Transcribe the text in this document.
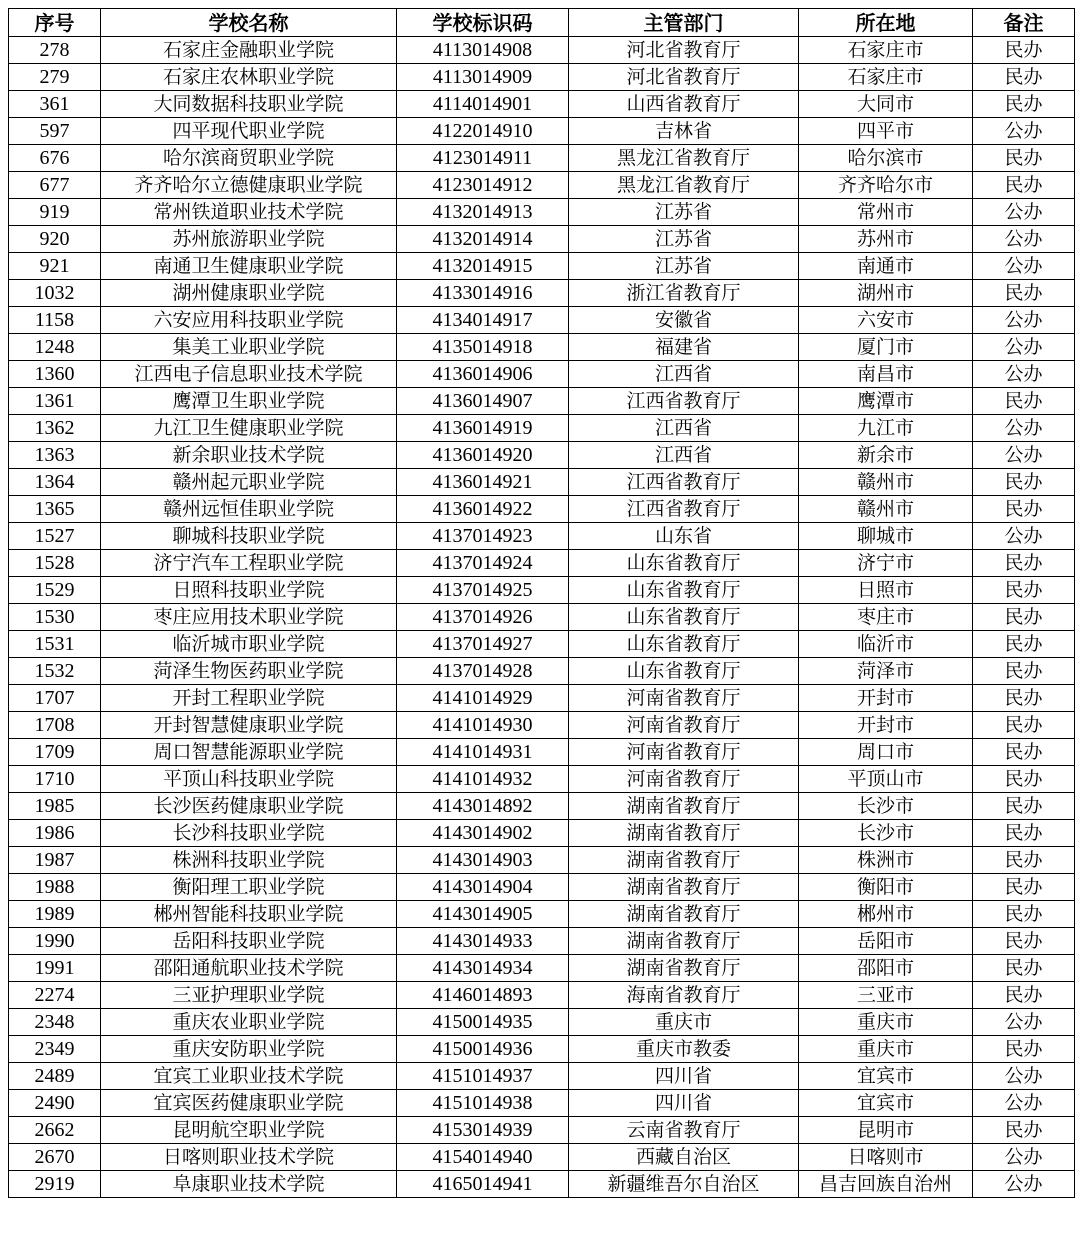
序号	学校名称	学校标识码	主管部门	所在地	备注
278	石家庄金融职业学院	4113014908	河北省教育厅	石家庄市	民办
279	石家庄农林职业学院	4113014909	河北省教育厅	石家庄市	民办
361	大同数据科技职业学院	4114014901	山西省教育厅	大同市	民办
597	四平现代职业学院	4122014910	吉林省	四平市	公办
676	哈尔滨商贸职业学院	4123014911	黑龙江省教育厅	哈尔滨市	民办
677	齐齐哈尔立德健康职业学院	4123014912	黑龙江省教育厅	齐齐哈尔市	民办
919	常州铁道职业技术学院	4132014913	江苏省	常州市	公办
920	苏州旅游职业学院	4132014914	江苏省	苏州市	公办
921	南通卫生健康职业学院	4132014915	江苏省	南通市	公办
1032	湖州健康职业学院	4133014916	浙江省教育厅	湖州市	民办
1158	六安应用科技职业学院	4134014917	安徽省	六安市	公办
1248	集美工业职业学院	4135014918	福建省	厦门市	公办
1360	江西电子信息职业技术学院	4136014906	江西省	南昌市	公办
1361	鹰潭卫生职业学院	4136014907	江西省教育厅	鹰潭市	民办
1362	九江卫生健康职业学院	4136014919	江西省	九江市	公办
1363	新余职业技术学院	4136014920	江西省	新余市	公办
1364	赣州起元职业学院	4136014921	江西省教育厅	赣州市	民办
1365	赣州远恒佳职业学院	4136014922	江西省教育厅	赣州市	民办
1527	聊城科技职业学院	4137014923	山东省	聊城市	公办
1528	济宁汽车工程职业学院	4137014924	山东省教育厅	济宁市	民办
1529	日照科技职业学院	4137014925	山东省教育厅	日照市	民办
1530	枣庄应用技术职业学院	4137014926	山东省教育厅	枣庄市	民办
1531	临沂城市职业学院	4137014927	山东省教育厅	临沂市	民办
1532	菏泽生物医药职业学院	4137014928	山东省教育厅	菏泽市	民办
1707	开封工程职业学院	4141014929	河南省教育厅	开封市	民办
1708	开封智慧健康职业学院	4141014930	河南省教育厅	开封市	民办
1709	周口智慧能源职业学院	4141014931	河南省教育厅	周口市	民办
1710	平顶山科技职业学院	4141014932	河南省教育厅	平顶山市	民办
1985	长沙医药健康职业学院	4143014892	湖南省教育厅	长沙市	民办
1986	长沙科技职业学院	4143014902	湖南省教育厅	长沙市	民办
1987	株洲科技职业学院	4143014903	湖南省教育厅	株洲市	民办
1988	衡阳理工职业学院	4143014904	湖南省教育厅	衡阳市	民办
1989	郴州智能科技职业学院	4143014905	湖南省教育厅	郴州市	民办
1990	岳阳科技职业学院	4143014933	湖南省教育厅	岳阳市	民办
1991	邵阳通航职业技术学院	4143014934	湖南省教育厅	邵阳市	民办
2274	三亚护理职业学院	4146014893	海南省教育厅	三亚市	民办
2348	重庆农业职业学院	4150014935	重庆市	重庆市	公办
2349	重庆安防职业学院	4150014936	重庆市教委	重庆市	民办
2489	宜宾工业职业技术学院	4151014937	四川省	宜宾市	公办
2490	宜宾医药健康职业学院	4151014938	四川省	宜宾市	公办
2662	昆明航空职业学院	4153014939	云南省教育厅	昆明市	民办
2670	日喀则职业技术学院	4154014940	西藏自治区	日喀则市	公办
2919	阜康职业技术学院	4165014941	新疆维吾尔自治区	昌吉回族自治州	公办
